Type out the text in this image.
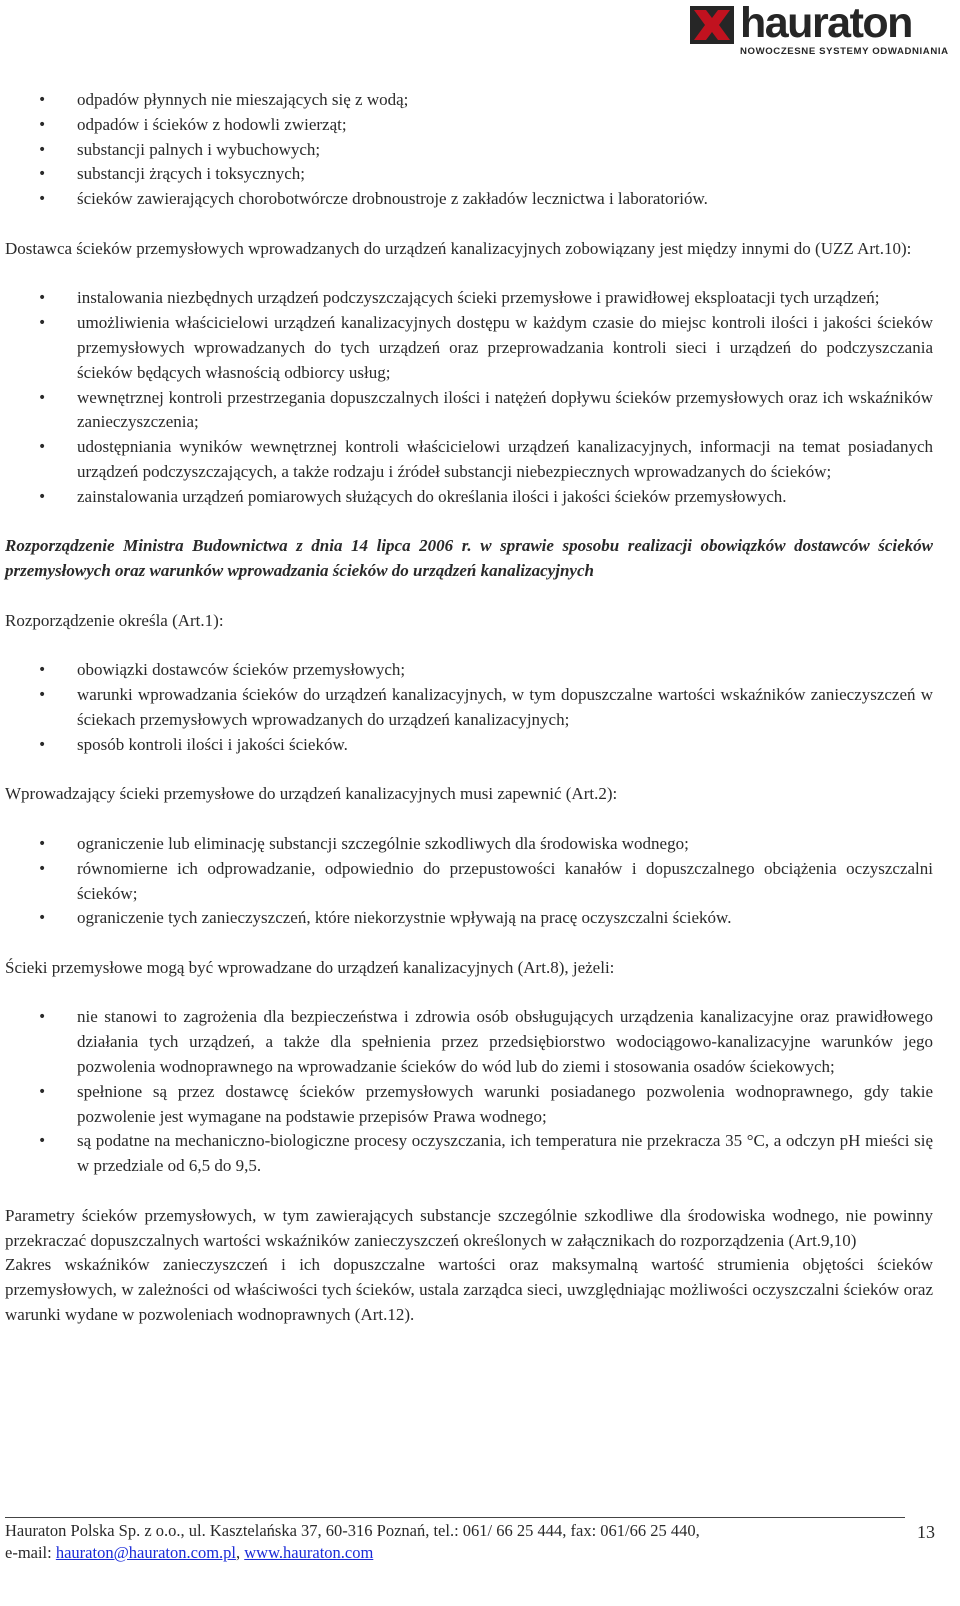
hauraton
NOWOCZESNE SYSTEMY ODWADNIANIA
• odpadów płynnych nie mieszających się z wodą;
• odpadów i ścieków z hodowli zwierząt;
• substancji palnych i wybuchowych;
• substancji żrących i toksycznych;
• ścieków zawierających chorobotwórcze drobnoustroje z zakładów lecznictwa i laboratoriów.

Dostawca ścieków przemysłowych wprowadzanych do urządzeń kanalizacyjnych zobowiązany jest między innymi do (UZZ Art.10):

• instalowania niezbędnych urządzeń podczyszczających ścieki przemysłowe i prawidłowej eksploatacji tych urządzeń;
• umożliwienia właścicielowi urządzeń kanalizacyjnych dostępu w każdym czasie do miejsc kontroli ilości i jakości ścieków przemysłowych wprowadzanych do tych urządzeń oraz przeprowadzania kontroli sieci i urządzeń do podczyszczania ścieków będących własnością odbiorcy usług;
• wewnętrznej kontroli przestrzegania dopuszczalnych ilości i natężeń dopływu ścieków przemysłowych oraz ich wskaźników zanieczyszczenia;
• udostępniania wyników wewnętrznej kontroli właścicielowi urządzeń kanalizacyjnych, informacji na temat posiadanych urządzeń podczyszczających, a także rodzaju i źródeł substancji niebezpiecznych wprowadzanych do ścieków;
• zainstalowania urządzeń pomiarowych służących do określania ilości i jakości ścieków przemysłowych.

Rozporządzenie Ministra Budownictwa z dnia 14 lipca 2006 r. w sprawie sposobu realizacji obowiązków dostawców ścieków przemysłowych oraz warunków wprowadzania ścieków do urządzeń kanalizacyjnych

Rozporządzenie określa (Art.1):

• obowiązki dostawców ścieków przemysłowych;
• warunki wprowadzania ścieków do urządzeń kanalizacyjnych, w tym dopuszczalne wartości wskaźników zanieczyszczeń w ściekach przemysłowych wprowadzanych do urządzeń kanalizacyjnych;
• sposób kontroli ilości i jakości ścieków.

Wprowadzający ścieki przemysłowe do urządzeń kanalizacyjnych musi zapewnić (Art.2):

• ograniczenie lub eliminację substancji szczególnie szkodliwych dla środowiska wodnego;
• równomierne ich odprowadzanie, odpowiednio do przepustowości kanałów i dopuszczalnego obciążenia oczyszczalni ścieków;
• ograniczenie tych zanieczyszczeń, które niekorzystnie wpływają na pracę oczyszczalni ścieków.

Ścieki przemysłowe mogą być wprowadzane do urządzeń kanalizacyjnych (Art.8), jeżeli:

• nie stanowi to zagrożenia dla bezpieczeństwa i zdrowia osób obsługujących urządzenia kanalizacyjne oraz prawidłowego działania tych urządzeń, a także dla spełnienia przez przedsiębiorstwo wodociągowo-kanalizacyjne warunków jego pozwolenia wodnoprawnego na wprowadzanie ścieków do wód lub do ziemi i stosowania osadów ściekowych;
• spełnione są przez dostawcę ścieków przemysłowych warunki posiadanego pozwolenia wodnoprawnego, gdy takie pozwolenie jest wymagane na podstawie przepisów Prawa wodnego;
• są podatne na mechaniczno-biologiczne procesy oczyszczania, ich temperatura nie przekracza 35 °C, a odczyn pH mieści się w przedziale od 6,5 do 9,5.

Parametry ścieków przemysłowych, w tym zawierających substancje szczególnie szkodliwe dla środowiska wodnego, nie powinny przekraczać dopuszczalnych wartości wskaźników zanieczyszczeń określonych w załącznikach do rozporządzenia (Art.9,10)

Zakres wskaźników zanieczyszczeń i ich dopuszczalne wartości oraz maksymalną wartość strumienia objętości ścieków przemysłowych, w zależności od właściwości tych ścieków, ustala zarządca sieci, uwzględniając możliwości oczyszczalni ścieków oraz warunki wydane w pozwoleniach wodnoprawnych (Art.12).

Hauraton Polska Sp. z o.o., ul. Kasztelańska 37, 60-316 Poznań, tel.: 061/ 66 25 444, fax: 061/66 25 440,
e-mail: hauraton@hauraton.com.pl, www.hauraton.com
13
